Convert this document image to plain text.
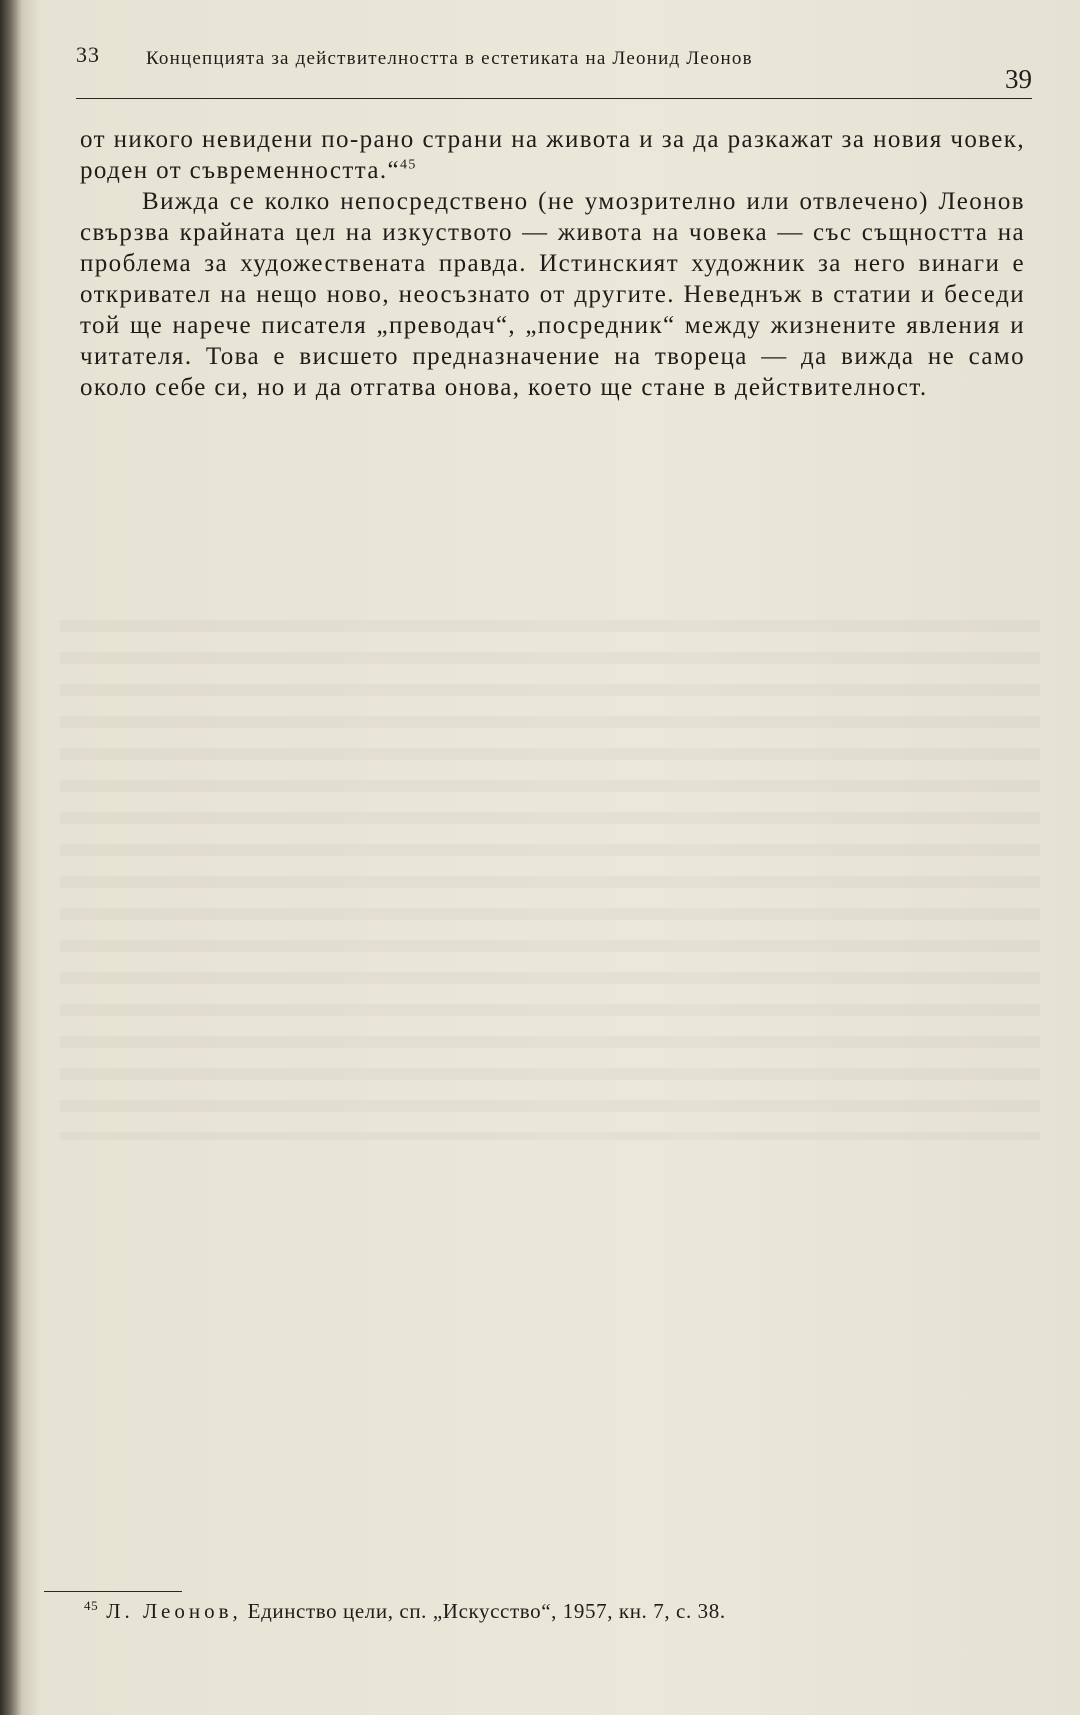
33 Концепцията за действителността в естетиката на Леонид Леонов
39

от никого невидени по-рано страни на живота и за да разкажат за новия човек, роден от съвременността.“$^{45}$

Вижда се колко непосредствено (не умозрително или отвлечено) Леонов свързва крайната цел на изкуството — живота на човека — със същността на проблема за художествената правда. Истинският художник за него винаги е откривател на нещо ново, неосъзнато от другите. Неведнъж в статии и беседи той ще нарече писателя „преводач“, „посредник“ между жизнените явления и читателя. Това е висшето предназначение на твореца — да вижда не само около себе си, но и да отгатва онова, което ще стане в действителност.

$^{45}$ Л. Леонов, Единство цели, сп. „Искусство“, 1957, кн. 7, с. 38.
